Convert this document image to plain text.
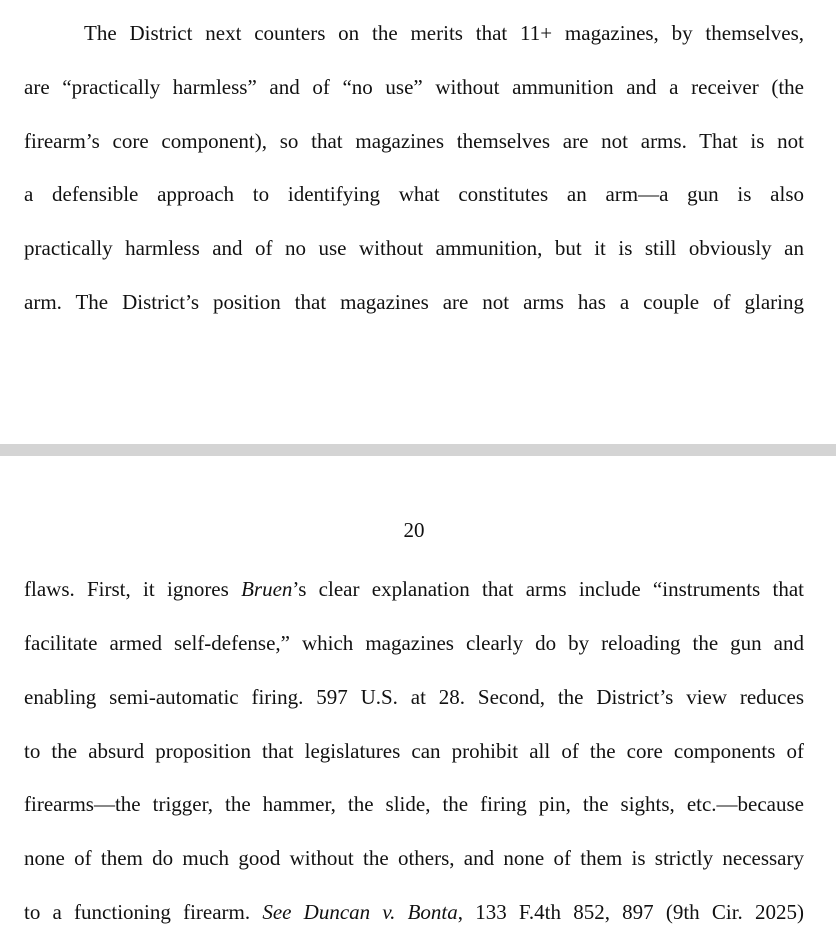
The District next counters on the merits that 11+ magazines, by themselves,
are “practically harmless” and of “no use” without ammunition and a receiver (the
firearm’s core component), so that magazines themselves are not arms. That is not
a defensible approach to identifying what constitutes an arm—a gun is also
practically harmless and of no use without ammunition, but it is still obviously an
arm. The District’s position that magazines are not arms has a couple of glaring
20
flaws. First, it ignores Bruen’s clear explanation that arms include “instruments that
facilitate armed self-defense,” which magazines clearly do by reloading the gun and
enabling semi-automatic firing. 597 U.S. at 28. Second, the District’s view reduces
to the absurd proposition that legislatures can prohibit all of the core components of
firearms—the trigger, the hammer, the slide, the firing pin, the sights, etc.—because
none of them do much good without the others, and none of them is strictly necessary
to a functioning firearm. See Duncan v. Bonta, 133 F.4th 852, 897 (9th Cir. 2025)
